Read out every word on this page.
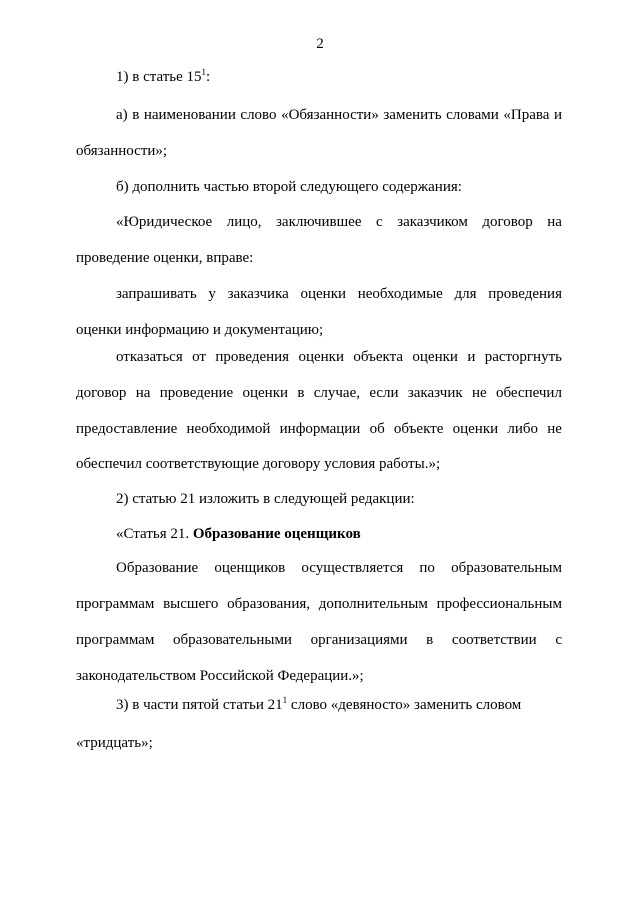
2
1) в статье $15^1$:
а) в наименовании слово «Обязанности» заменить словами «Права и
обязанности»;
б) дополнить частью второй следующего содержания:
«Юридическое лицо, заключившее с заказчиком договор на
проведение оценки, вправе:
запрашивать у заказчика оценки необходимые для проведения
оценки информацию и документацию;
отказаться от проведения оценки объекта оценки и расторгнуть
договор на проведение оценки в случае, если заказчик не обеспечил
предоставление необходимой информации об объекте оценки либо не
обеспечил соответствующие договору условия работы.»;
2) статью 21 изложить в следующей редакции:
«Статья 21. Образование оценщиков
Образование оценщиков осуществляется по образовательным
программам высшего образования, дополнительным профессиональным
программам образовательными организациями в соответствии с
законодательством Российской Федерации.»;
3) в части пятой статьи $21^1$ слово «девяносто» заменить словом
«тридцать»;
